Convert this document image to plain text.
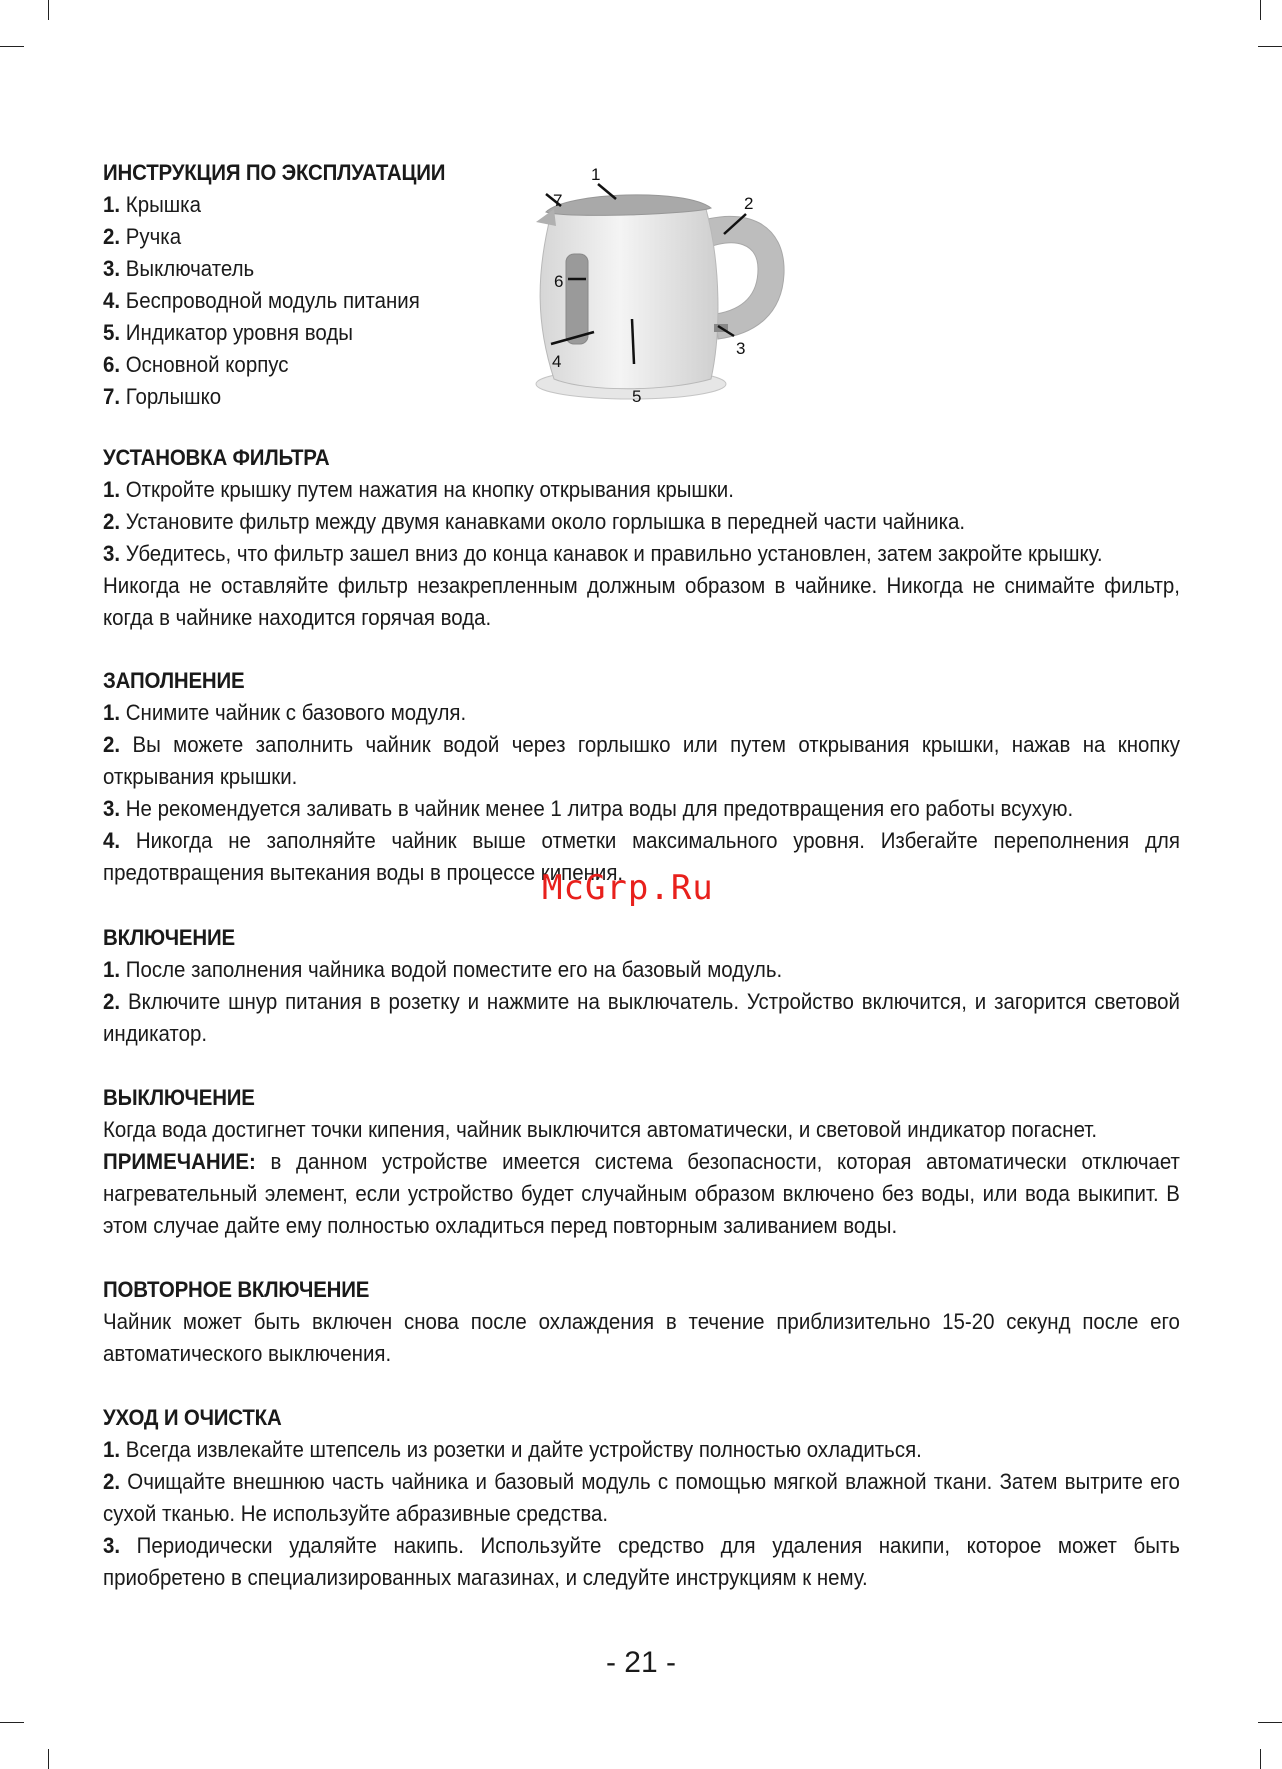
ИНСТРУКЦИЯ ПО ЭКСПЛУАТАЦИИ

1. Крышка

2. Ручка

3. Выключатель

4. Беспроводной модуль питания

5. Индикатор уровня воды

6. Основной корпус

7. Горлышко

1
2
3
4
5
6
7

УСТАНОВКА ФИЛЬТРА

1. Откройте крышку путем нажатия на кнопку открывания крышки.

2. Установите фильтр между двумя канавками около горлышка в передней части чайника.

3. Убедитесь, что фильтр зашел вниз до конца канавок и правильно установлен, затем закройте крышку.

Никогда не оставляйте фильтр незакрепленным должным образом в чайнике. Никогда не снимайте фильтр, когда в чайнике находится горячая вода.

ЗАПОЛНЕНИЕ

1. Снимите чайник с базового модуля.

2. Вы можете заполнить чайник водой через горлышко или путем открывания крышки, нажав на кнопку открывания крышки.

3. Не рекомендуется заливать в чайник менее 1 литра воды для предотвращения его работы всухую.

4. Никогда не заполняйте чайник выше отметки максимального уровня. Избегайте переполнения для предотвращения вытекания воды в процессе кипения.

ВКЛЮЧЕНИЕ

1. После заполнения чайника водой поместите его на базовый модуль.

2. Включите шнур питания в розетку и нажмите на выключатель. Устройство включится, и загорится световой индикатор.

ВЫКЛЮЧЕНИЕ

Когда вода достигнет точки кипения, чайник выключится автоматически, и световой индикатор погаснет.

ПРИМЕЧАНИЕ: в данном устройстве имеется система безопасности, которая автоматически отключает нагревательный элемент, если устройство будет случайным образом включено без воды, или вода выкипит. В этом случае дайте ему полностью охладиться перед повторным заливанием воды.

ПОВТОРНОЕ ВКЛЮЧЕНИЕ

Чайник может быть включен снова после охлаждения в течение приблизительно 15-20 секунд после его автоматического выключения.

УХОД И ОЧИСТКА

1. Всегда извлекайте штепсель из розетки и дайте устройству полностью охладиться.

2. Очищайте внешнюю часть чайника и базовый модуль с помощью мягкой влажной ткани. Затем вытрите его сухой тканью. Не используйте абразивные средства.

3. Периодически удаляйте накипь. Используйте средство для удаления накипи, которое может быть приобретено в специализированных магазинах, и следуйте инструкциям к нему.

McGrp.Ru
- 21 -
